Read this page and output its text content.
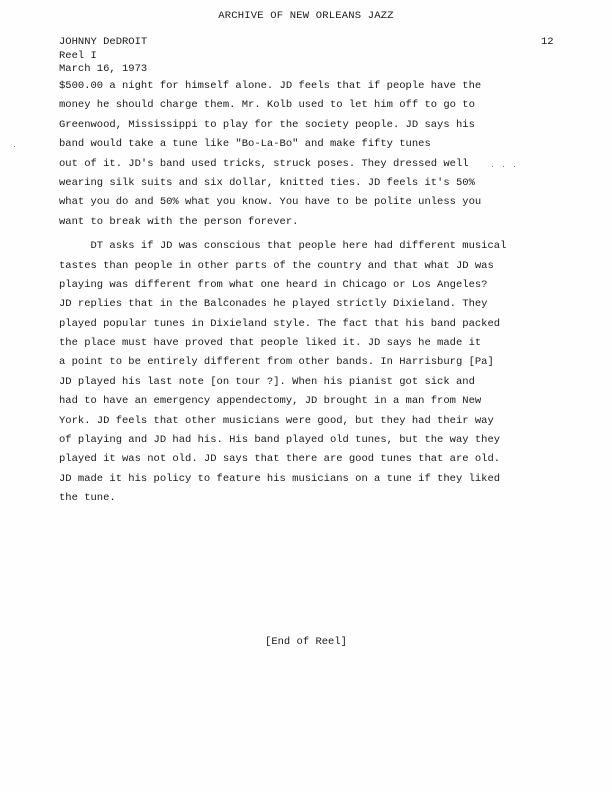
ARCHIVE OF NEW ORLEANS JAZZ
12
JOHNNY DeDROIT
Reel I
March 16, 1973
$500.00 a night for himself alone. JD feels that if people have the
money he should charge them. Mr. Kolb used to let him off to go to
Greenwood, Mississippi to play for the society people. JD says his
band would take a tune like "Bo-La-Bo" and make fifty tunes
out of it. JD's band used tricks, struck poses. They dressed well
wearing silk suits and six dollar, knitted ties. JD feels it's 50%
what you do and 50% what you know. You have to be polite unless you
want to break with the person forever.
DT asks if JD was conscious that people here had different musical
tastes than people in other parts of the country and that what JD was
playing was different from what one heard in Chicago or Los Angeles?
JD replies that in the Balconades he played strictly Dixieland. They
played popular tunes in Dixieland style. The fact that his band packed
the place must have proved that people liked it. JD says he made it
a point to be entirely different from other bands. In Harrisburg [Pa]
JD played his last note [on tour ?]. When his pianist got sick and
had to have an emergency appendectomy, JD brought in a man from New
York. JD feels that other musicians were good, but they had their way
of playing and JD had his. His band played old tunes, but the way they
played it was not old. JD says that there are good tunes that are old.
JD made it his policy to feature his musicians on a tune if they liked
the tune.
[End of Reel]
